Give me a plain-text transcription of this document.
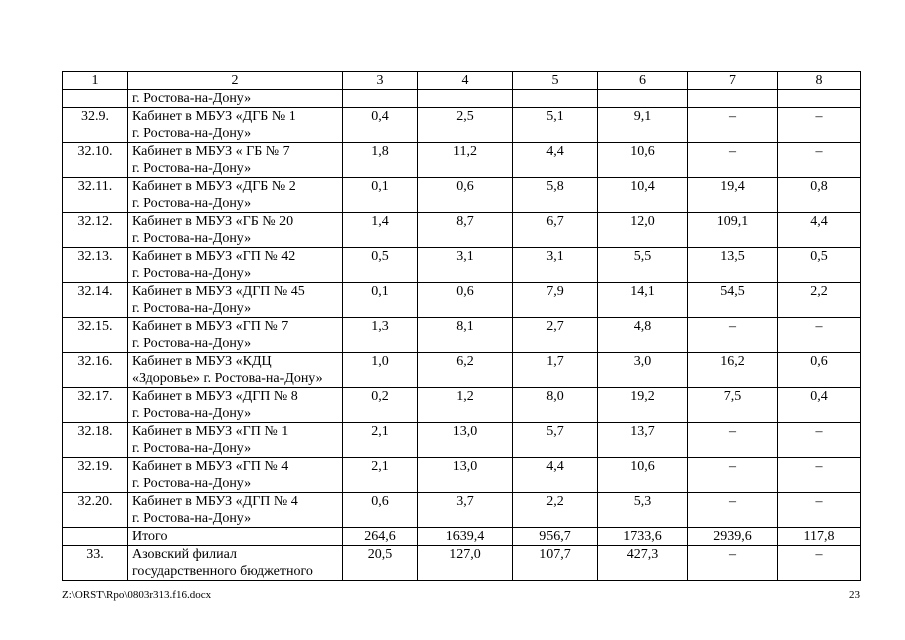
1	2	3	4	5	6	7	8
	г. Ростова-на-Дону»						
32.9.	Кабинет в МБУЗ «ДГБ № 1
г. Ростова-на-Дону»	0,4	2,5	5,1	9,1	–	–
32.10.	Кабинет в МБУЗ « ГБ № 7
г. Ростова-на-Дону»	1,8	11,2	4,4	10,6	–	–
32.11.	Кабинет в МБУЗ «ДГБ № 2
г. Ростова-на-Дону»	0,1	0,6	5,8	10,4	19,4	0,8
32.12.	Кабинет в МБУЗ «ГБ № 20
г. Ростова-на-Дону»	1,4	8,7	6,7	12,0	109,1	4,4
32.13.	Кабинет в МБУЗ «ГП № 42
г. Ростова-на-Дону»	0,5	3,1	3,1	5,5	13,5	0,5
32.14.	Кабинет в МБУЗ «ДГП № 45
г. Ростова-на-Дону»	0,1	0,6	7,9	14,1	54,5	2,2
32.15.	Кабинет в МБУЗ «ГП № 7
г. Ростова-на-Дону»	1,3	8,1	2,7	4,8	–	–
32.16.	Кабинет в МБУЗ «КДЦ
«Здоровье» г. Ростова-на-Дону»	1,0	6,2	1,7	3,0	16,2	0,6
32.17.	Кабинет в МБУЗ «ДГП № 8
г. Ростова-на-Дону»	0,2	1,2	8,0	19,2	7,5	0,4
32.18.	Кабинет в МБУЗ «ГП № 1
г. Ростова-на-Дону»	2,1	13,0	5,7	13,7	–	–
32.19.	Кабинет в МБУЗ «ГП № 4
г. Ростова-на-Дону»	2,1	13,0	4,4	10,6	–	–
32.20.	Кабинет в МБУЗ «ДГП № 4
г. Ростова-на-Дону»	0,6	3,7	2,2	5,3	–	–

	Итого	264,6	1639,4	956,7	1733,6	2939,6	117,8
33.	Азовский филиал
государственного бюджетного	20,5	127,0	107,7	427,3	–	–
Z:\ORST\Rpo\0803r313.f16.docx	23
